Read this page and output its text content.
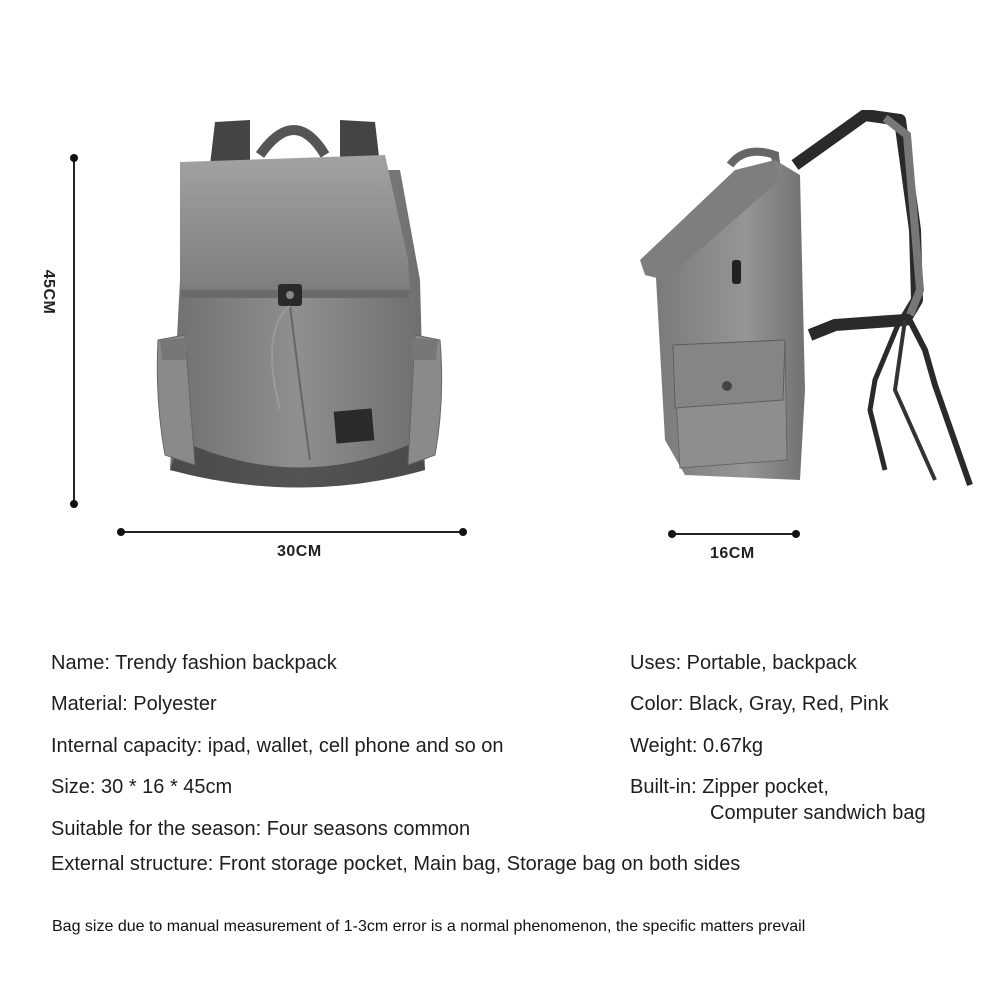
45CM
30CM	16CM
Name: Trendy fashion backpack
Material: Polyester
Internal capacity: ipad, wallet, cell phone and so on
Size: 30 * 16 * 45cm
Suitable for the season: Four seasons common
External structure: Front storage pocket, Main bag, Storage bag on both sides
Uses: Portable, backpack
Color: Black, Gray, Red, Pink
Weight: 0.67kg
Built-in: Zipper pocket,
Computer sandwich bag
Bag size due to manual measurement of 1-3cm error is a normal phenomenon, the specific matters prevail
